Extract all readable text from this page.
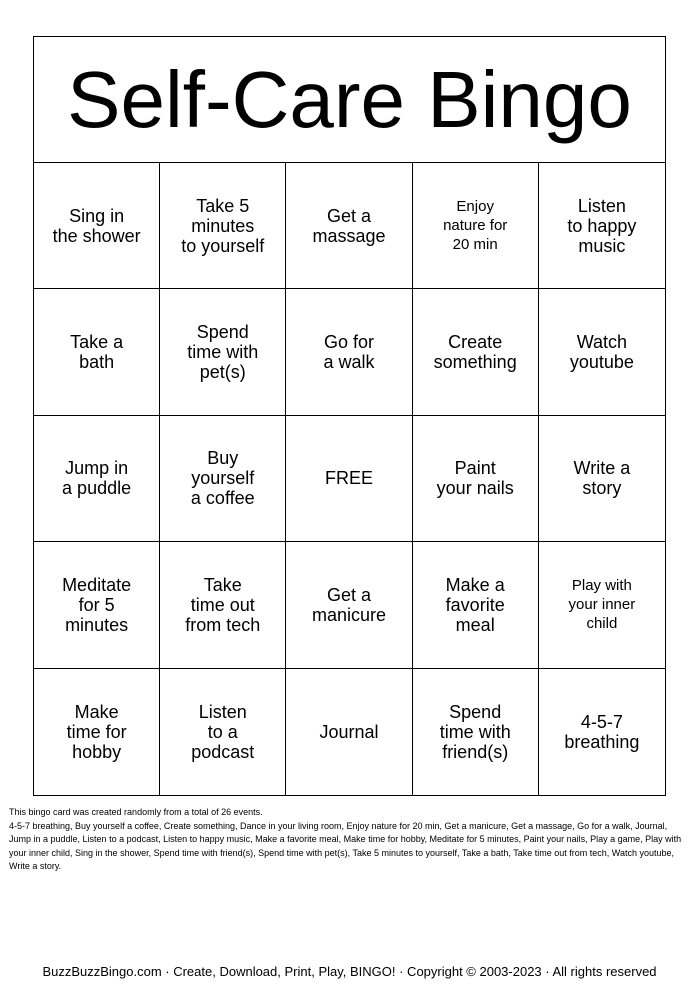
Self-Care Bingo
Sing in
the shower
Take 5
minutes
to yourself
Get a
massage
Enjoy
nature for
20 min
Listen
to happy
music
Take a
bath
Spend
time with
pet(s)
Go for
a walk
Create
something
Watch
youtube
Jump in
a puddle
Buy
yourself
a coffee
FREE	Paint
your nails
Write a
story
Meditate
for 5
minutes
Take
time out
from tech
Get a
manicure
Make a
favorite
meal
Play with
your inner
child
Make
time for
hobby
Listen
to a
podcast
Journal
Spend
time with
friend(s)
4-5-7
breathing
This bingo card was created randomly from a total of 26 events.
4-5-7 breathing, Buy yourself a coffee, Create something, Dance in your living room, Enjoy nature for 20 min, Get a manicure, Get a massage, Go for a walk, Journal, Jump in a puddle, Listen to a podcast, Listen to happy music, Make a favorite meal, Make time for hobby, Meditate for 5 minutes, Paint your nails, Play a game, Play with your inner child, Sing in the shower, Spend time with friend(s), Spend time with pet(s), Take 5 minutes to yourself, Take a bath, Take time out from tech, Watch youtube, Write a story.
BuzzBuzzBingo.com · Create, Download, Print, Play, BINGO! · Copyright © 2003-2023 · All rights reserved
